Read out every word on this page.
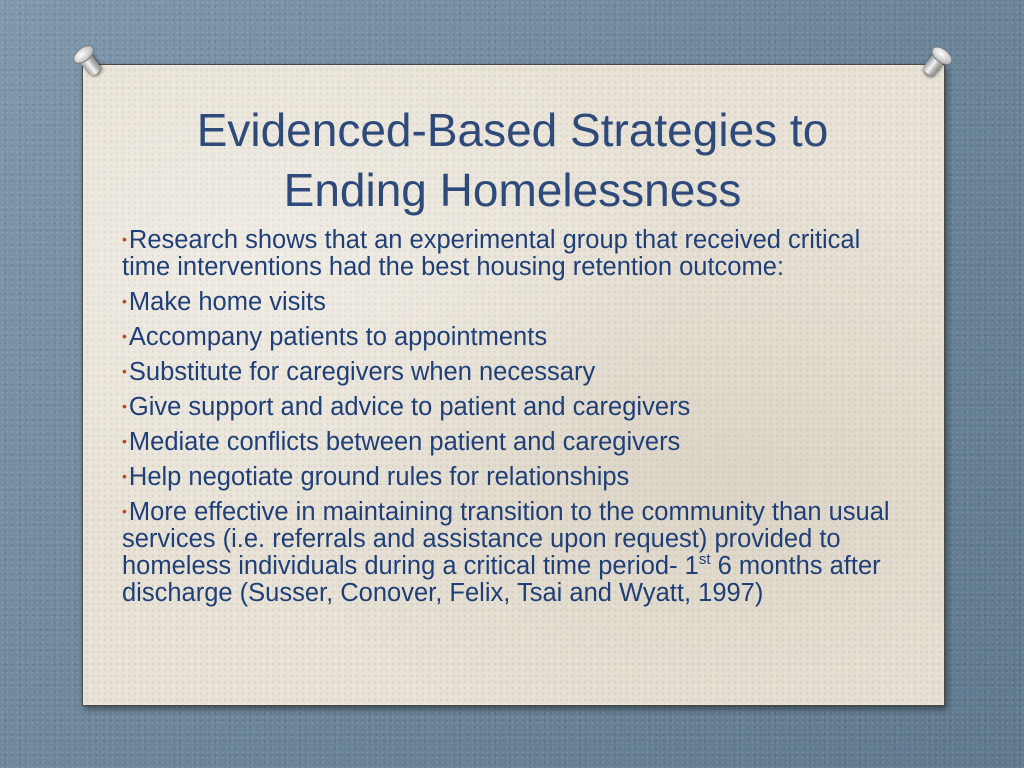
Evidenced-Based Strategies to
Ending Homelessness
•Research shows that an experimental group that received critical time interventions had the best housing retention outcome:
•Make home visits
•Accompany patients to appointments
•Substitute for caregivers when necessary
•Give support and advice to patient and caregivers
•Mediate conflicts between patient and caregivers
•Help negotiate ground rules for relationships
•More effective in maintaining transition to the community than usual services (i.e. referrals and assistance upon request) provided to homeless individuals during a critical time period- 1st 6 months after discharge (Susser, Conover, Felix, Tsai and Wyatt, 1997)
